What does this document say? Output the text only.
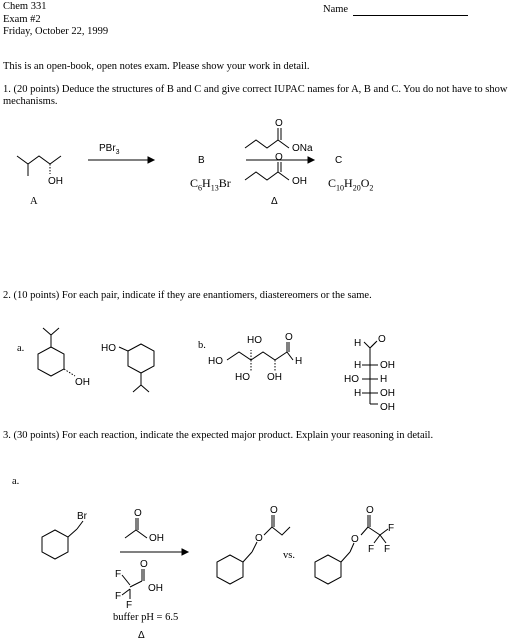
Chem 331
Exam #2
Friday, October 22, 1999
Name
This is an open-book, open notes exam. Please show your work in detail.
1. (20 points) Deduce the structures of B and C and give correct IUPAC names for A, B and C. You do not have to show mechanisms.
OH
A
PBr$_3$
B
$C_6H_{13}Br$
O
ONa
O
OH
Δ
C
$C_{10}H_{20}O_2$
2. (10 points) For each pair, indicate if they are enantiomers, diastereomers or the same.
a.
OH
HO	b.
HO	H
O
HO
HO OH
H O
H OH
HO H
H OH
OH
3. (30 points) For each reaction, indicate the expected major product. Explain your reasoning in detail.
a.
Br	O
OH
F
F
F
O
OH
buffer pH = 6.5
Δ
O
O
vs.
O
O
F
F
F
